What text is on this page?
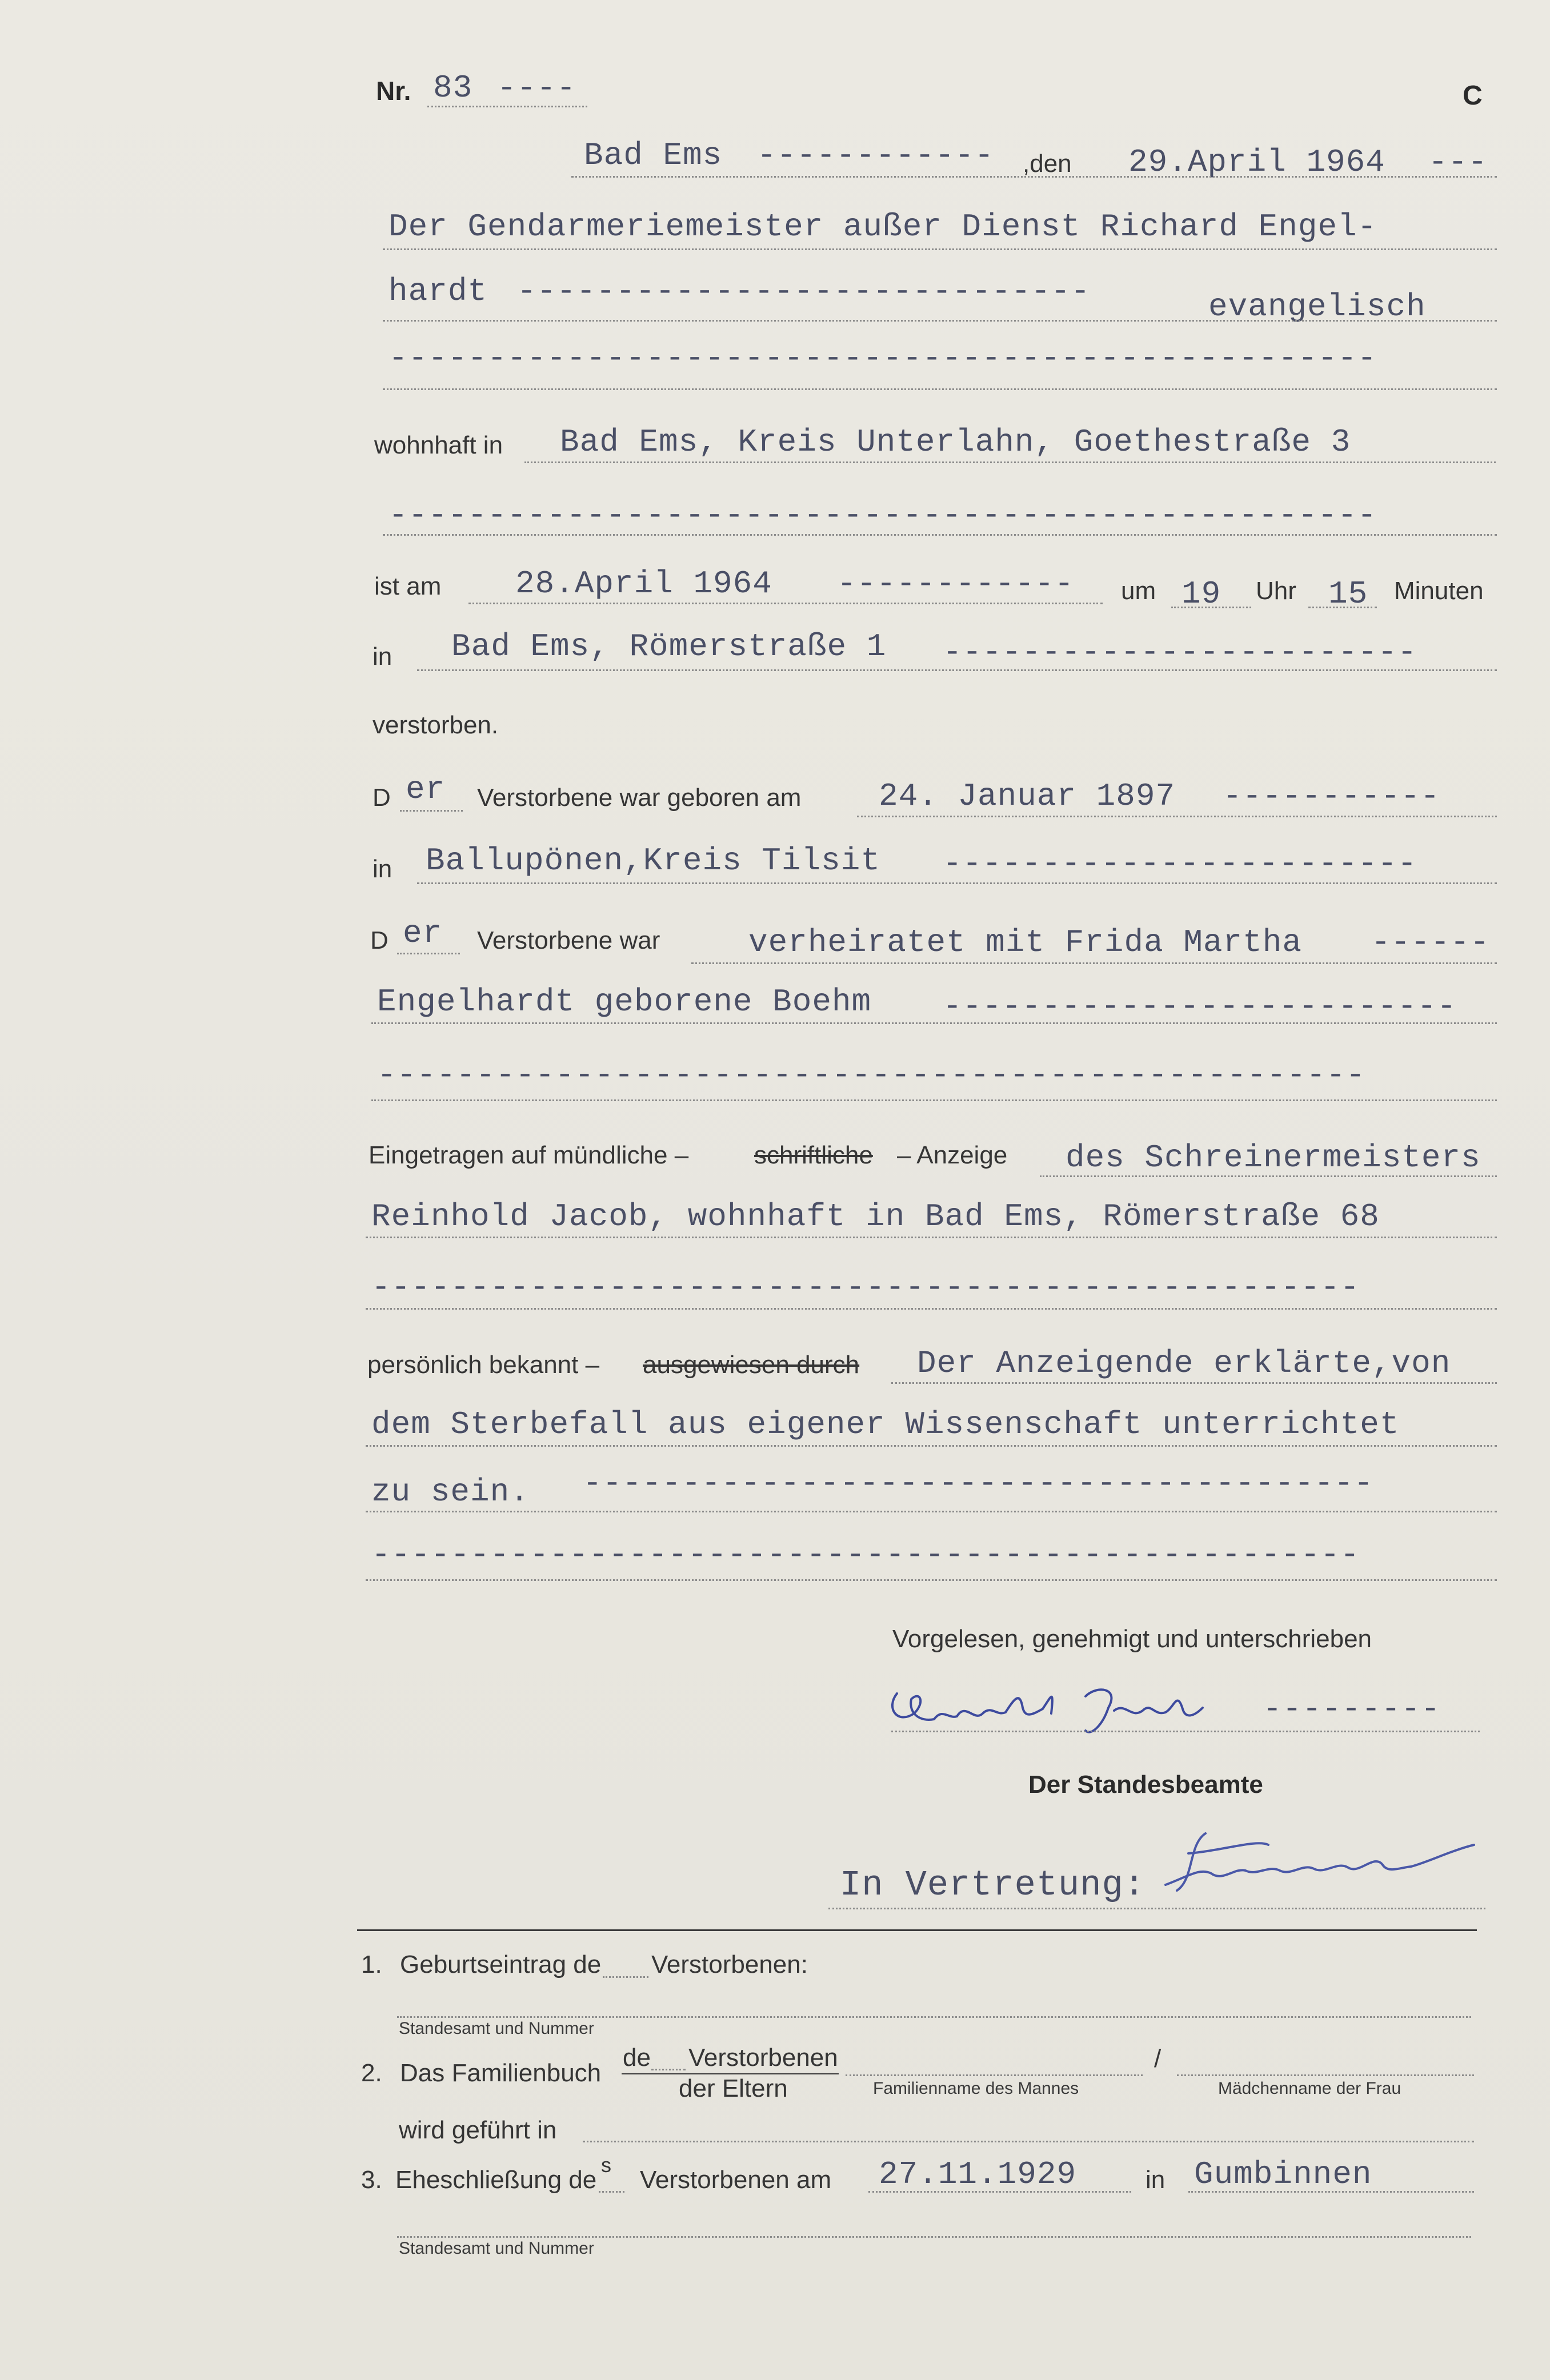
Nr. 83 ----	C
Bad Ems ------------ ,den 29.April 1964 ---
Der Gendarmeriemeister außer Dienst Richard Engel-
hardt -----------------------------	evangelisch
--------------------------------------------------
wohnhaft in Bad Ems, Kreis Unterlahn, Goethestraße 3
--------------------------------------------------
ist am 28.April 1964 ------------ um 19 Uhr 15 Minuten
in Bad Ems, Römerstraße 1 ------------------------
verstorben.
D er Verstorbene war geboren am 24. Januar 1897 -----------
in Ballupönen,Kreis Tilsit ------------------------
D er Verstorbene war	verheiratet mit Frida Martha ------
Engelhardt geborene Boehm --------------------------
--------------------------------------------------
Eingetragen auf mündliche –	schriftliche – Anzeige des Schreinermeisters
Reinhold Jacob, wohnhaft in Bad Ems, Römerstraße 68
--------------------------------------------------
persönlich bekannt – ausgewiesen durch Der Anzeigende erklärte,von
dem Sterbefall aus eigener Wissenschaft unterrichtet
zu sein. ----------------------------------------
--------------------------------------------------
Vorgelesen, genehmigt und unterschrieben
---------
Der Standesbeamte
In Vertretung:
1. Geburtseintrag de Verstorbenen:
Standesamt und Nummer
2. Das Familienbuch
de Verstorbenen
der Eltern	Familienname des Mannes
/
Mädchenname der Frau
wird geführt in
3. Eheschließung de
s
Verstorbenen am 27.11.1929	in Gumbinnen
Standesamt und Nummer
